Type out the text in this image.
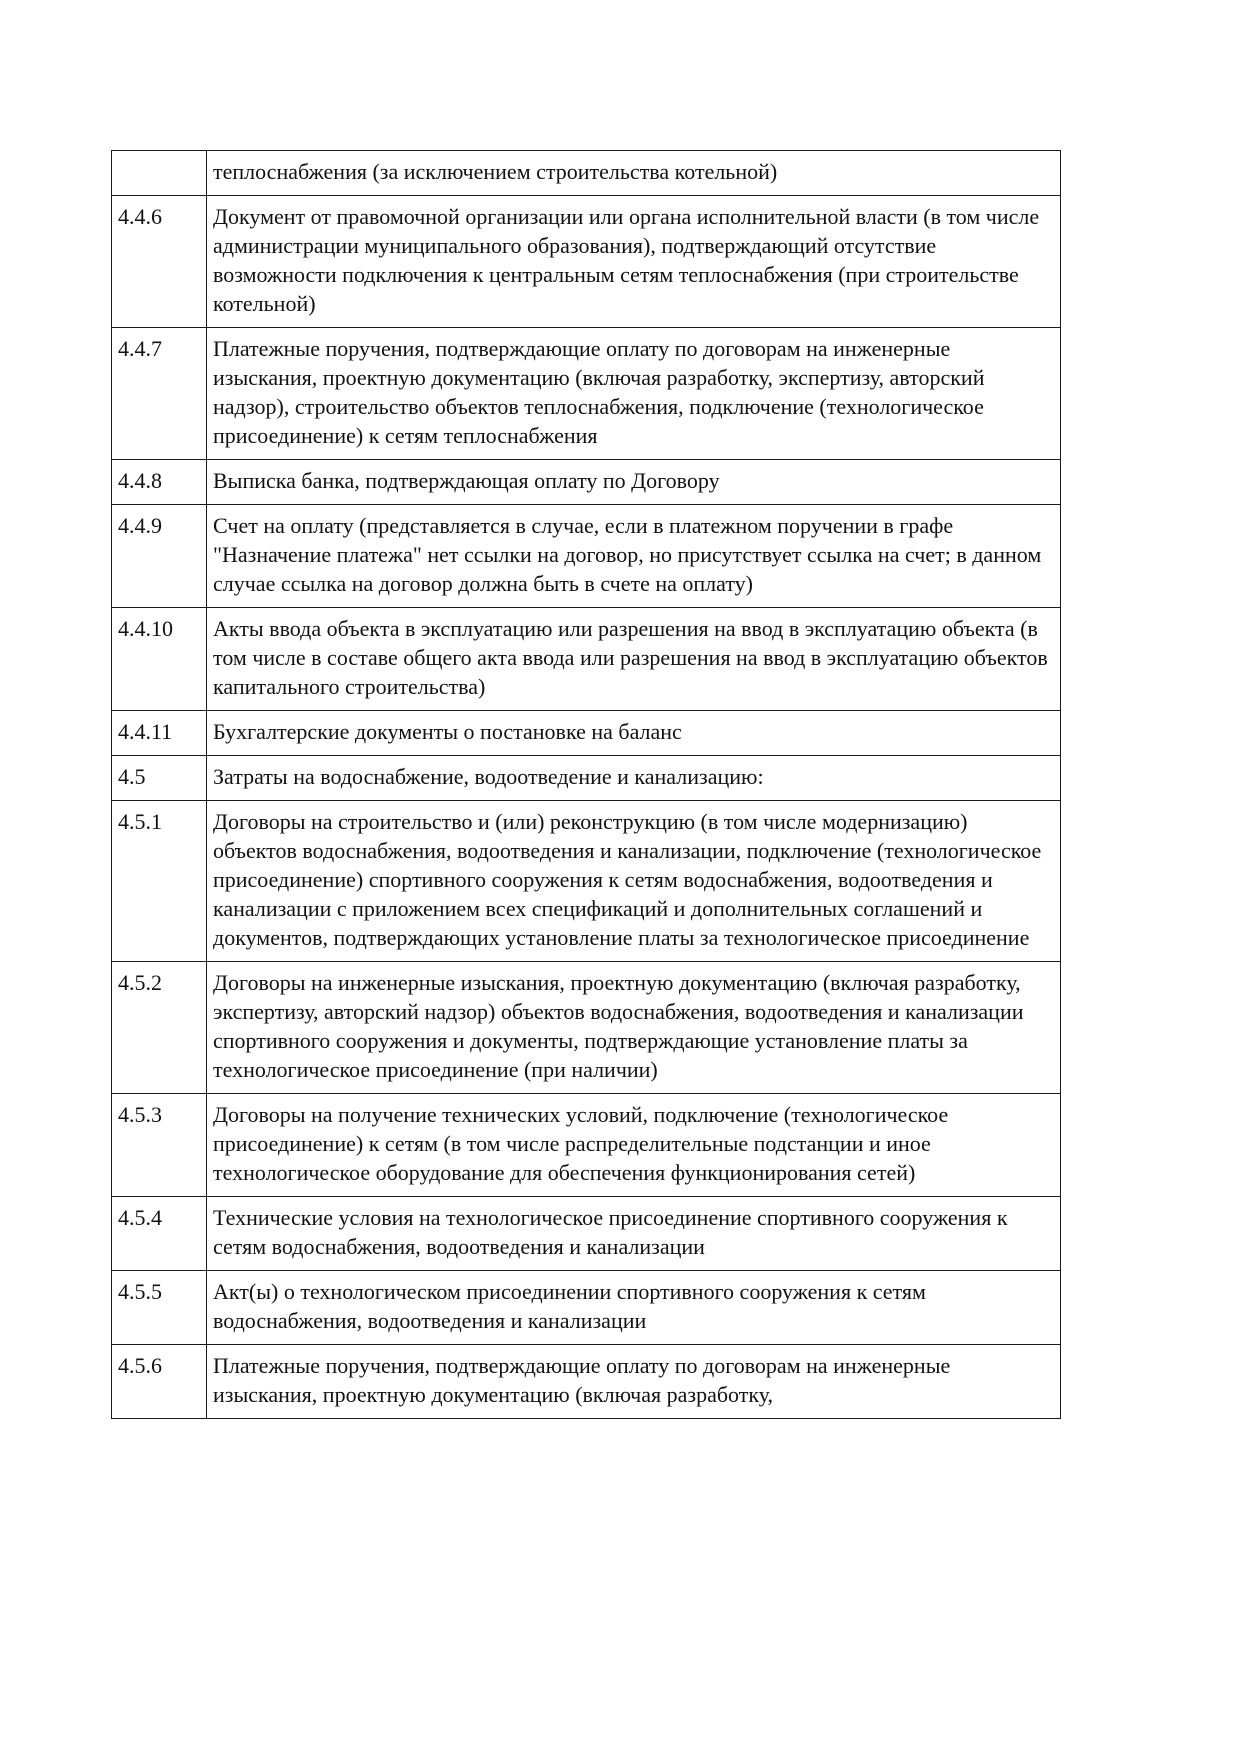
	теплоснабжения (за исключением строительства котельной)
4.4.6	Документ от правомочной организации или органа исполнительной власти (в том числе администрации муниципального образования), подтверждающий отсутствие возможности подключения к центральным сетям теплоснабжения (при строительстве котельной)
4.4.7	Платежные поручения, подтверждающие оплату по договорам на инженерные изыскания, проектную документацию (включая разработку, экспертизу, авторский надзор), строительство объектов теплоснабжения, подключение (технологическое присоединение) к сетям теплоснабжения
4.4.8	Выписка банка, подтверждающая оплату по Договору
4.4.9	Счет на оплату (представляется в случае, если в платежном поручении в графе "Назначение платежа" нет ссылки на договор, но присутствует ссылка на счет; в данном случае ссылка на договор должна быть в счете на оплату)
4.4.10	Акты ввода объекта в эксплуатацию или разрешения на ввод в эксплуатацию объекта (в том числе в составе общего акта ввода или разрешения на ввод в эксплуатацию объектов капитального строительства)
4.4.11	Бухгалтерские документы о постановке на баланс
4.5	Затраты на водоснабжение, водоотведение и канализацию:
4.5.1	Договоры на строительство и (или) реконструкцию (в том числе модернизацию) объектов водоснабжения, водоотведения и канализации, подключение (технологическое присоединение) спортивного сооружения к сетям водоснабжения, водоотведения и канализации с приложением всех спецификаций и дополнительных соглашений и документов, подтверждающих установление платы за технологическое присоединение
4.5.2	Договоры на инженерные изыскания, проектную документацию (включая разработку, экспертизу, авторский надзор) объектов водоснабжения, водоотведения и канализации спортивного сооружения и документы, подтверждающие установление платы за технологическое присоединение (при наличии)
4.5.3	Договоры на получение технических условий, подключение (технологическое присоединение) к сетям (в том числе распределительные подстанции и иное технологическое оборудование для обеспечения функционирования сетей)
4.5.4	Технические условия на технологическое присоединение спортивного сооружения к сетям водоснабжения, водоотведения и канализации
4.5.5	Акт(ы) о технологическом присоединении спортивного сооружения к сетям водоснабжения, водоотведения и канализации
4.5.6	Платежные поручения, подтверждающие оплату по договорам на инженерные изыскания, проектную документацию (включая разработку,
